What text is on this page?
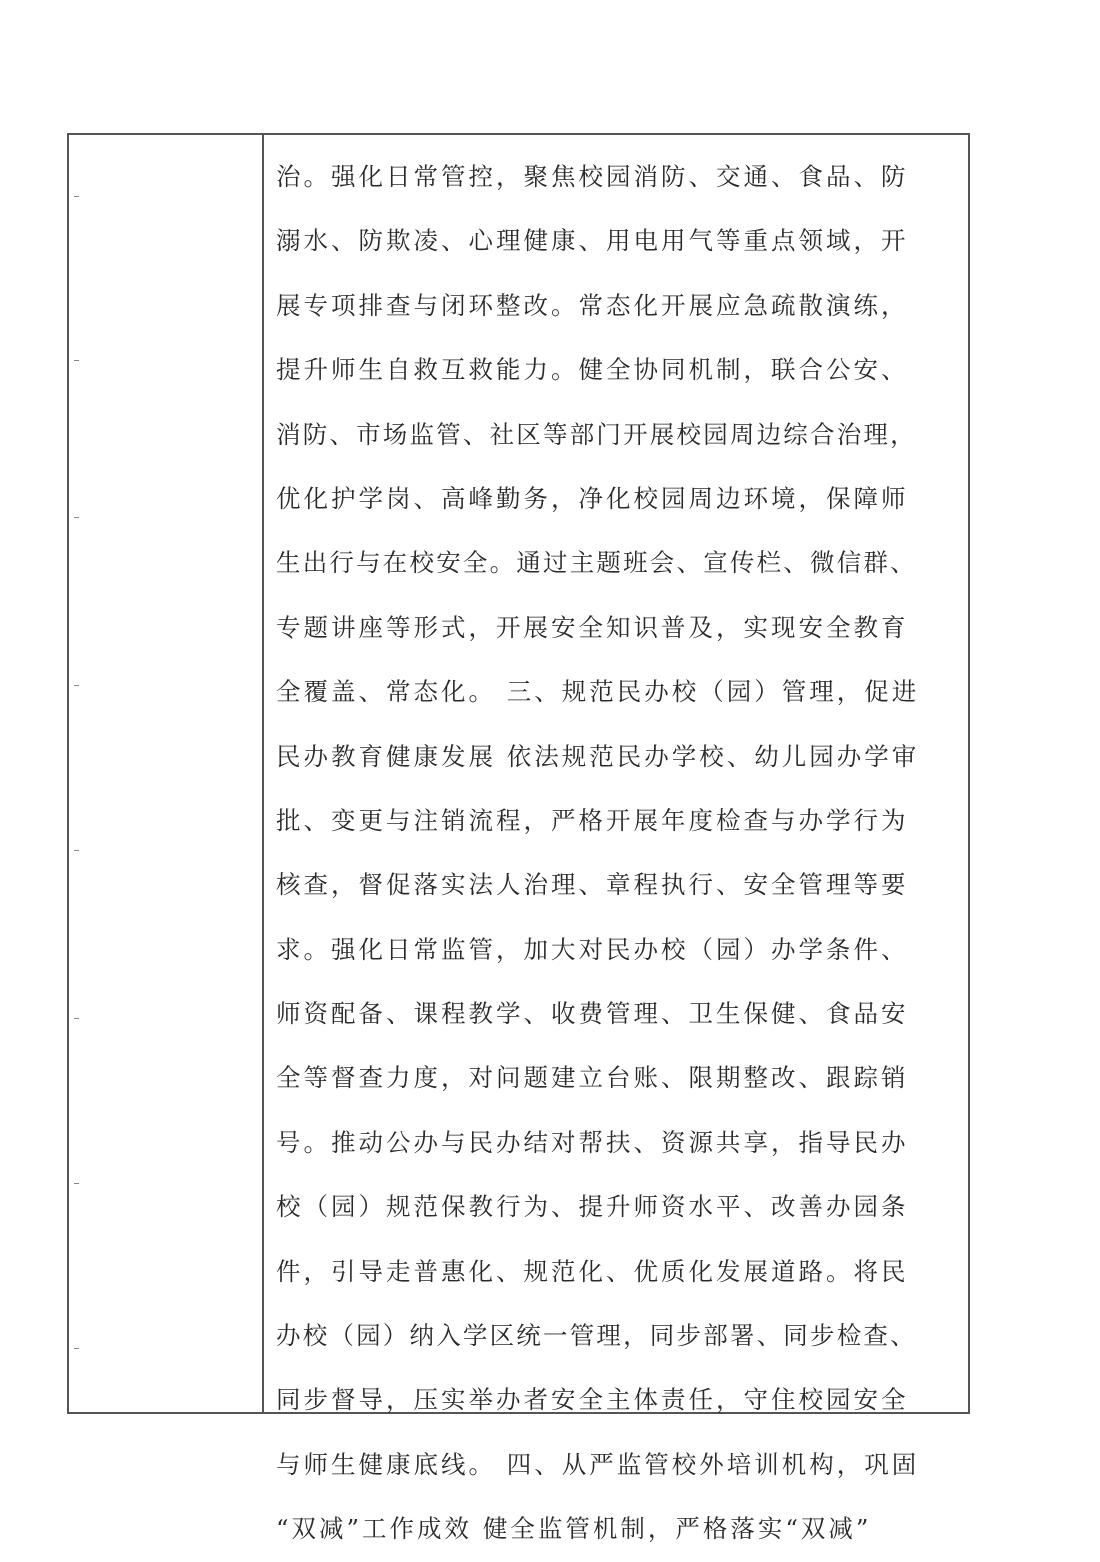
治。强化日常管控，聚焦校园消防、交通、食品、防
溺水、防欺凌、心理健康、用电用气等重点领域，开
展专项排查与闭环整改。常态化开展应急疏散演练，
提升师生自救互救能力。健全协同机制，联合公安、
消防、市场监管、社区等部门开展校园周边综合治理，
优化护学岗、高峰勤务，净化校园周边环境，保障师
生出行与在校安全。通过主题班会、宣传栏、微信群、
专题讲座等形式，开展安全知识普及，实现安全教育
全覆盖、常态化。 三、规范民办校（园）管理，促进
民办教育健康发展 依法规范民办学校、幼儿园办学审
批、变更与注销流程，严格开展年度检查与办学行为
核查，督促落实法人治理、章程执行、安全管理等要
求。强化日常监管，加大对民办校（园）办学条件、
师资配备、课程教学、收费管理、卫生保健、食品安
全等督查力度，对问题建立台账、限期整改、跟踪销
号。推动公办与民办结对帮扶、资源共享，指导民办
校（园）规范保教行为、提升师资水平、改善办园条
件，引导走普惠化、规范化、优质化发展道路。将民
办校（园）纳入学区统一管理，同步部署、同步检查、
同步督导，压实举办者安全主体责任，守住校园安全
与师生健康底线。 四、从严监管校外培训机构，巩固
“双减”工作成效 健全监管机制，严格落实“双减”
